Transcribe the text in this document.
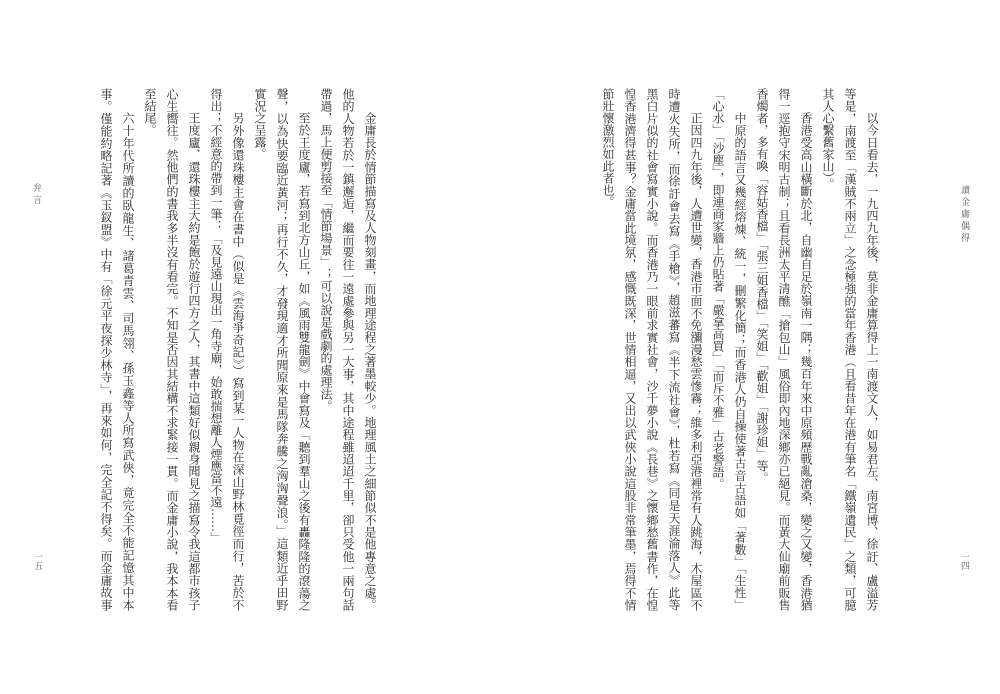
弁言
一五	金庸長於情節描寫及人物刻畫，而地理途程之著墨較少。地理風土之細節似不是他專意之處。
他的人物若於一鎮邂逅，繼而要往一遠處參與另一大事，其中途程雖迢迢千里，卻只受他一兩句話
帶過，馬上便剪接至「情節場景」；可以說是戲劇的處理法。
至於王度廬，若寫到北方山丘，如《風雨雙龍劍》中會寫及「聽到羣山之後有轟隆隆的滾蕩之
聲，以為快要臨近黃河；再行不久，才發現適才所聞原來是馬隊奔騰之洶洶聲浪。」這類近乎田野
實況之呈露。
另外像還珠樓主會在書中（似是《雲海爭奇記》）寫到某一人物在深山野林覓徑而行，苦於不
得出；不經意的帶到一筆：「及見遠山現出一角寺廟，始敢揣想離人煙應當不遠……」
王度廬、還珠樓主大約是飽於遊行四方之人，其書中這類好似親身聞見之描寫令我這都市孩子
心生嚮往。然他們的書我多半沒有看完。不知是否因其結構不求緊接一貫。而金庸小說，我本本看
至結尾。
六十年代所讀的臥龍生、諸葛青雲、司馬翎、孫玉鑫等人所寫武俠，竟完全不能記憶其中本
事。僅能約略記著《玉釵盟》中有「徐元平夜探少林寺」，再來如何，完全記不得矣。而金庸故事	讀金庸偶得
一四
以今日看去，一九四九年後，莫非金庸算得上一南渡文人，如易君左、南宮博、徐訏、盧溢芳
等是，南渡至「漢賊不兩立」之念極強的當年香港（且看昔年在港有筆名「鐵嶺遺民」之類，可臆
其人心繫舊家山）。
香港受高山橫斷於北，自幽自足於嶺南一隅；幾百年來中原頻歷戰亂滄桑，變之又變，香港猶
得一逕抱守宋明古制；且看長洲太平清醮「搶包山」風俗即內地深鄉亦已絕見。而黃大仙廟前販售
香燭者，多有喚「容姑香檔」「張三姐香檔」「笑姐」「歡姐」「謝珍姐」等。
中原的語言又幾經熔煉、統一，刪繁化簡；而香港人仍自操使著古音古語如「著數」「生性」
「心水」「沙塵」，即連商家牆上仍貼著「嚴拿高買」「而斥不雅」古老警語。
正因四九年後，人遭世變，香港市面不免瀰漫愁雲慘霧；維多利亞港裡常有人跳海，木屋區不
時遭火失所，而徐訏會去寫《手槍》，趙滋蕃寫《半下流社會》，杜若寫《同是天涯淪落人》此等
黑白片似的社會寫實小說。而香港乃一眼前求實社會，沙千夢小說《長巷》之懷鄉愁舊書作，在惶
惶香港濟得甚事？金庸當此境氛，感慨既深，世情相逼，又出以武俠小說這股非常筆墨，焉得不情
節壯懷激烈如此者也。
